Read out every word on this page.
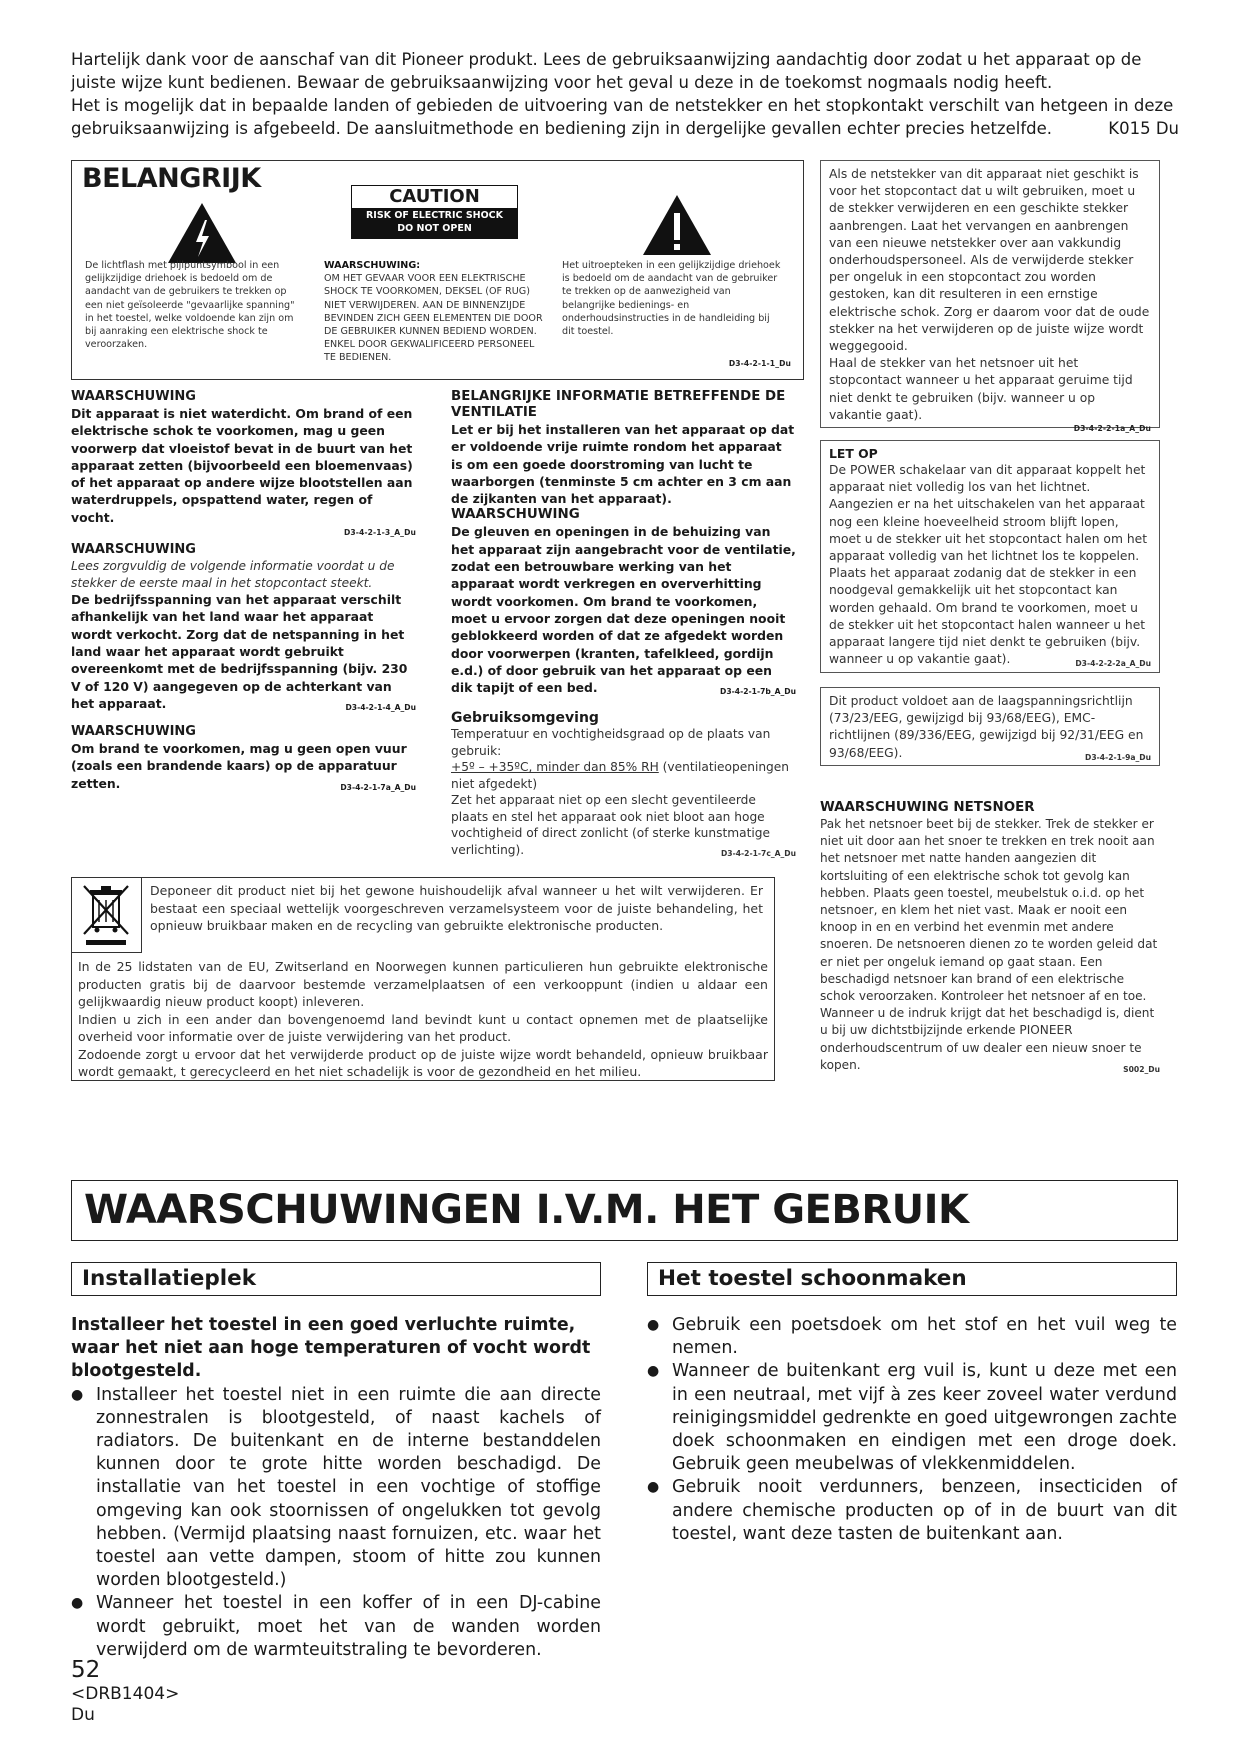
Hartelijk dank voor de aanschaf van dit Pioneer produkt. Lees de gebruiksaanwijzing aandachtig door zodat u het apparaat op de juiste wijze kunt bedienen. Bewaar de gebruiksaanwijzing voor het geval u deze in de toekomst nogmaals nodig heeft.

Het is mogelijk dat in bepaalde landen of gebieden de uitvoering van de netstekker en het stopkontakt verschilt van hetgeen in deze gebruiksaanwijzing is afgebeeld. De aansluitmethode en bediening zijn in dergelijke gevallen echter precies hetzelfde.	K015 Du

BELANGRIJK
CAUTION
RISK OF ELECTRIC SHOCK
DO NOT OPEN
De lichtflash met pijlpuntsymbool in een gelijkzijdige driehoek is bedoeld om de aandacht van de gebruikers te trekken op een niet geïsoleerde "gevaarlijke spanning" in het toestel, welke voldoende kan zijn om bij aanraking een elektrische shock te veroorzaken.
WAARSCHUWING:
OM HET GEVAAR VOOR EEN ELEKTRISCHE SHOCK TE VOORKOMEN, DEKSEL (OF RUG) NIET VERWIJDEREN. AAN DE BINNENZIJDE BEVINDEN ZICH GEEN ELEMENTEN DIE DOOR DE GEBRUIKER KUNNEN BEDIEND WORDEN. ENKEL DOOR GEKWALIFICEERD PERSONEEL TE BEDIENEN.
Het uitroepteken in een gelijkzijdige driehoek is bedoeld om de aandacht van de gebruiker te trekken op de aanwezigheid van belangrijke bedienings- en onderhoudsinstructies in de handleiding bij dit toestel.
D3-4-2-1-1_Du
WAARSCHUWING
Dit apparaat is niet waterdicht. Om brand of een elektrische schok te voorkomen, mag u geen voorwerp dat vloeistof bevat in de buurt van het apparaat zetten (bijvoorbeeld een bloemenvaas) of het apparaat op andere wijze blootstellen aan waterdruppels, opspattend water, regen of vocht.
D3-4-2-1-3_A_Du
WAARSCHUWING
Lees zorgvuldig de volgende informatie voordat u de stekker de eerste maal in het stopcontact steekt.
De bedrijfsspanning van het apparaat verschilt afhankelijk van het land waar het apparaat wordt verkocht. Zorg dat de netspanning in het land waar het apparaat wordt gebruikt overeenkomt met de bedrijfsspanning (bijv. 230 V of 120 V) aangegeven op de achterkant van het apparaat.	D3-4-2-1-4_A_Du
WAARSCHUWING
Om brand te voorkomen, mag u geen open vuur (zoals een brandende kaars) op de apparatuur zetten.	D3-4-2-1-7a_A_Du
BELANGRIJKE INFORMATIE BETREFFENDE DE VENTILATIE
Let er bij het installeren van het apparaat op dat er voldoende vrije ruimte rondom het apparaat is om een goede doorstroming van lucht te waarborgen (tenminste 5 cm achter en 3 cm aan de zijkanten van het apparaat).
WAARSCHUWING
De gleuven en openingen in de behuizing van het apparaat zijn aangebracht voor de ventilatie, zodat een betrouwbare werking van het apparaat wordt verkregen en oververhitting wordt voorkomen. Om brand te voorkomen, moet u ervoor zorgen dat deze openingen nooit geblokkeerd worden of dat ze afgedekt worden door voorwerpen (kranten, tafelkleed, gordijn e.d.) of door gebruik van het apparaat op een dik tapijt of een bed.	D3-4-2-1-7b_A_Du
Gebruiksomgeving
Temperatuur en vochtigheidsgraad op de plaats van gebruik:
+5º – +35ºC, minder dan 85% RH (ventilatieopeningen niet afgedekt)
Zet het apparaat niet op een slecht geventileerde plaats en stel het apparaat ook niet bloot aan hoge vochtigheid of direct zonlicht (of sterke kunstmatige verlichting).	D3-4-2-1-7c_A_Du
Als de netstekker van dit apparaat niet geschikt is voor het stopcontact dat u wilt gebruiken, moet u de stekker verwijderen en een geschikte stekker aanbrengen. Laat het vervangen en aanbrengen van een nieuwe netstekker over aan vakkundig onderhoudspersoneel. Als de verwijderde stekker per ongeluk in een stopcontact zou worden gestoken, kan dit resulteren in een ernstige elektrische schok. Zorg er daarom voor dat de oude stekker na het verwijderen op de juiste wijze wordt weggegooid.
Haal de stekker van het netsnoer uit het stopcontact wanneer u het apparaat geruime tijd niet denkt te gebruiken (bijv. wanneer u op vakantie gaat).
D3-4-2-2-1a_A_Du
LET OP
De POWER schakelaar van dit apparaat koppelt het apparaat niet volledig los van het lichtnet. Aangezien er na het uitschakelen van het apparaat nog een kleine hoeveelheid stroom blijft lopen, moet u de stekker uit het stopcontact halen om het apparaat volledig van het lichtnet los te koppelen. Plaats het apparaat zodanig dat de stekker in een noodgeval gemakkelijk uit het stopcontact kan worden gehaald. Om brand te voorkomen, moet u de stekker uit het stopcontact halen wanneer u het apparaat langere tijd niet denkt te gebruiken (bijv. wanneer u op vakantie gaat).	D3-4-2-2-2a_A_Du
Dit product voldoet aan de laagspanningsrichtlijn (73/23/EEG, gewijzigd bij 93/68/EEG), EMC-richtlijnen (89/336/EEG, gewijzigd bij 92/31/EEG en 93/68/EEG).	D3-4-2-1-9a_Du
WAARSCHUWING NETSNOER
Pak het netsnoer beet bij de stekker. Trek de stekker er niet uit door aan het snoer te trekken en trek nooit aan het netsnoer met natte handen aangezien dit kortsluiting of een elektrische schok tot gevolg kan hebben. Plaats geen toestel, meubelstuk o.i.d. op het netsnoer, en klem het niet vast. Maak er nooit een knoop in en en verbind het evenmin met andere snoeren. De netsnoeren dienen zo te worden geleid dat er niet per ongeluk iemand op gaat staan. Een beschadigd netsnoer kan brand of een elektrische schok veroorzaken. Kontroleer het netsnoer af en toe. Wanneer u de indruk krijgt dat het beschadigd is, dient u bij uw dichtstbijzijnde erkende PIONEER onderhoudscentrum of uw dealer een nieuw snoer te kopen.	S002_Du
Deponeer dit product niet bij het gewone huishoudelijk afval wanneer u het wilt verwijderen. Er bestaat een speciaal wettelijk voorgeschreven verzamelsysteem voor de juiste behandeling, het opnieuw bruikbaar maken en de recycling van gebruikte elektronische producten.

In de 25 lidstaten van de EU, Zwitserland en Noorwegen kunnen particulieren hun gebruikte elektronische producten gratis bij de daarvoor bestemde verzamelplaatsen of een verkooppunt (indien u aldaar een gelijkwaardig nieuw product koopt) inleveren.

Indien u zich in een ander dan bovengenoemd land bevindt kunt u contact opnemen met de plaatselijke overheid voor informatie over de juiste verwijdering van het product.

Zodoende zorgt u ervoor dat het verwijderde product op de juiste wijze wordt behandeld, opnieuw bruikbaar wordt gemaakt, t gerecycleerd en het niet schadelijk is voor de gezondheid en het milieu.

WAARSCHUWINGEN I.V.M. HET GEBRUIK
Installatieplek
Installeer het toestel in een goed verluchte ruimte, waar het niet aan hoge temperaturen of vocht wordt blootgesteld.
● Installeer het toestel niet in een ruimte die aan directe zonnestralen is blootgesteld, of naast kachels of radiators. De buitenkant en de interne bestanddelen kunnen door te grote hitte worden beschadigd. De installatie van het toestel in een vochtige of stoffige omgeving kan ook stoornissen of ongelukken tot gevolg hebben. (Vermijd plaatsing naast fornuizen, etc. waar het toestel aan vette dampen, stoom of hitte zou kunnen worden blootgesteld.)
● Wanneer het toestel in een koffer of in een DJ-cabine wordt gebruikt, moet het van de wanden worden verwijderd om de warmteuitstraling te bevorderen.
Het toestel schoonmaken
● Gebruik een poetsdoek om het stof en het vuil weg te nemen.
● Wanneer de buitenkant erg vuil is, kunt u deze met een in een neutraal, met vijf à zes keer zoveel water verdund reinigingsmiddel gedrenkte en goed uitgewrongen zachte doek schoonmaken en eindigen met een droge doek. Gebruik geen meubelwas of vlekkenmiddelen.
● Gebruik nooit verdunners, benzeen, insecticiden of andere chemische producten op of in de buurt van dit toestel, want deze tasten de buitenkant aan.
52
<DRB1404>
Du
